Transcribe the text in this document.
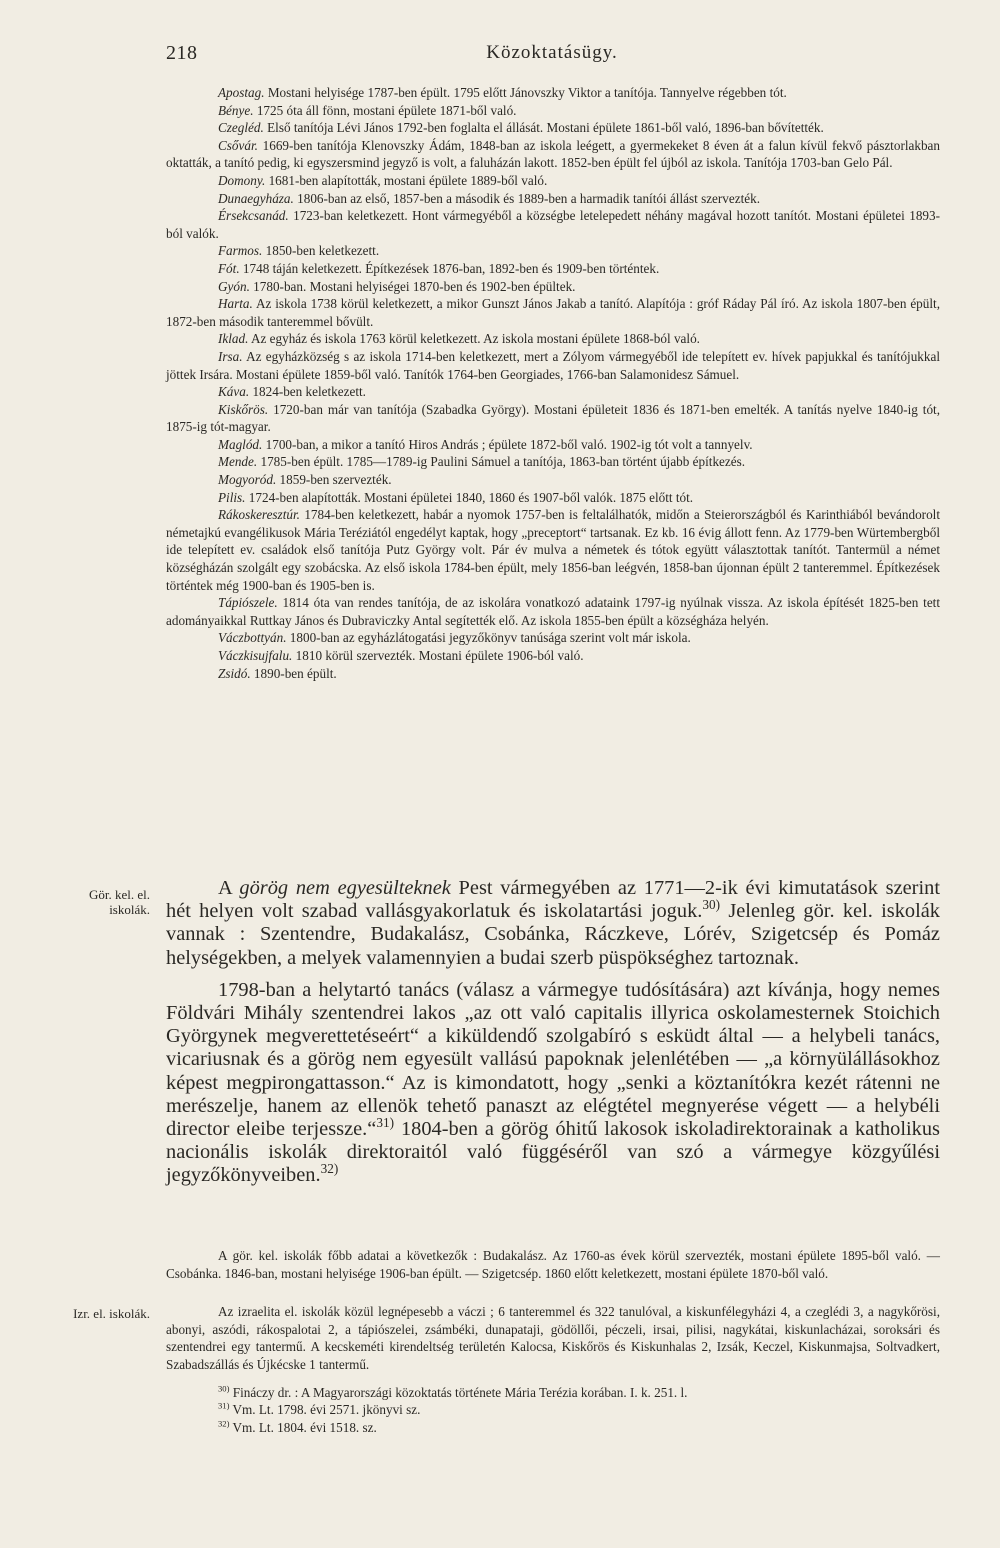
218	Közoktatásügy.

Apostag. Mostani helyisége 1787-ben épült. 1795 előtt Jánovszky Viktor a tanítója. Tannyelve régebben tót.

Bénye. 1725 óta áll fönn, mostani épülete 1871-ből való.

Czegléd. Első tanítója Lévi János 1792-ben foglalta el állását. Mostani épülete 1861-ből való, 1896-ban bővítették.

Csővár. 1669-ben tanítója Klenovszky Ádám, 1848-ban az iskola leégett, a gyermekeket 8 éven át a falun kívül fekvő pásztorlakban oktatták, a tanító pedig, ki egyszersmind jegyző is volt, a faluházán lakott. 1852-ben épült fel újból az iskola. Tanítója 1703-ban Gelo Pál.

Domony. 1681-ben alapították, mostani épülete 1889-ből való.

Dunaegyháza. 1806-ban az első, 1857-ben a második és 1889-ben a harmadik tanítói állást szervezték.

Érsekcsanád. 1723-ban keletkezett. Hont vármegyéből a községbe letelepedett néhány magával hozott tanítót. Mostani épületei 1893-ból valók.

Farmos. 1850-ben keletkezett.

Fót. 1748 táján keletkezett. Építkezések 1876-ban, 1892-ben és 1909-ben történtek.

Gyón. 1780-ban. Mostani helyiségei 1870-ben és 1902-ben épültek.

Harta. Az iskola 1738 körül keletkezett, a mikor Gunszt János Jakab a tanító. Alapítója : gróf Ráday Pál író. Az iskola 1807-ben épült, 1872-ben második tanteremmel bővült.

Iklad. Az egyház és iskola 1763 körül keletkezett. Az iskola mostani épülete 1868-ból való.

Irsa. Az egyházközség s az iskola 1714-ben keletkezett, mert a Zólyom vármegyéből ide telepített ev. hívek papjukkal és tanítójukkal jöttek Irsára. Mostani épülete 1859-ből való. Tanítók 1764-ben Georgiades, 1766-ban Salamonidesz Sámuel.

Káva. 1824-ben keletkezett.

Kiskőrös. 1720-ban már van tanítója (Szabadka György). Mostani épületeit 1836 és 1871-ben emelték. A tanítás nyelve 1840-ig tót, 1875-ig tót-magyar.

Maglód. 1700-ban, a mikor a tanító Hiros András ; épülete 1872-ből való. 1902-ig tót volt a tannyelv.

Mende. 1785-ben épült. 1785—1789-ig Paulini Sámuel a tanítója, 1863-ban történt újabb építkezés.

Mogyoród. 1859-ben szervezték.

Pilis. 1724-ben alapították. Mostani épületei 1840, 1860 és 1907-ből valók. 1875 előtt tót.

Rákoskeresztúr. 1784-ben keletkezett, habár a nyomok 1757-ben is feltalálhatók, midőn a Steierországból és Karinthiából bevándorolt németajkú evangélikusok Mária Teréziától engedélyt kaptak, hogy „preceptort“ tartsanak. Ez kb. 16 évig állott fenn. Az 1779-ben Würtembergből ide telepített ev. családok első tanítója Putz György volt. Pár év mulva a németek és tótok együtt választottak tanítót. Tantermül a német községházán szolgált egy szobácska. Az első iskola 1784-ben épült, mely 1856-ban leégvén, 1858-ban újonnan épült 2 tanteremmel. Építkezések történtek még 1900-ban és 1905-ben is.

Tápiószele. 1814 óta van rendes tanítója, de az iskolára vonatkozó adataink 1797-ig nyúlnak vissza. Az iskola építését 1825-ben tett adományaikkal Ruttkay János és Dubraviczky Antal segítették elő. Az iskola 1855-ben épült a községháza helyén.

Váczbottyán. 1800-ban az egyházlátogatási jegyzőkönyv tanúsága szerint volt már iskola.

Váczkisujfalu. 1810 körül szervezték. Mostani épülete 1906-ból való.

Zsidó. 1890-ben épült.

Gör. kel. el. iskolák.

A görög nem egyesülteknek Pest vármegyében az 1771—2-ik évi kimutatások szerint hét helyen volt szabad vallásgyakorlatuk és iskolatartási joguk.$^{30)}$ Jelenleg gör. kel. iskolák vannak : Szentendre, Budakalász, Csobánka, Ráczkeve, Lórév, Szigetcsép és Pomáz helységekben, a melyek valamennyien a budai szerb püspökséghez tartoznak.

1798-ban a helytartó tanács (válasz a vármegye tudósítására) azt kívánja, hogy nemes Földvári Mihály szentendrei lakos „az ott való capitalis illyrica oskolamesternek Stoichich Györgynek megverettetéseért“ a kiküldendő szolgabíró s esküdt által — a helybeli tanács, vicariusnak és a görög nem egyesült vallású papoknak jelenlétében — „a környülállásokhoz képest megpirongattasson.“ Az is kimondatott, hogy „senki a köztanítókra kezét rátenni ne merészelje, hanem az ellenök tehető panaszt az elégtétel megnyerése végett — a helybéli director eleibe terjessze.“$^{31)}$ 1804-ben a görög óhitű lakosok iskoladirektorainak a katholikus nacionális iskolák direktoraitól való függéséről van szó a vármegye közgyűlési jegyzőkönyveiben.$^{32)}$

A gör. kel. iskolák főbb adatai a következők : Budakalász. Az 1760-as évek körül szervezték, mostani épülete 1895-ből való. — Csobánka. 1846-ban, mostani helyisége 1906-ban épült. — Szigetcsép. 1860 előtt keletkezett, mostani épülete 1870-ből való.

Izr. el. iskolák.	Az izraelita el. iskolák közül legnépesebb a váczi ; 6 tanteremmel és 322 tanulóval, a kiskunfélegyházi 4, a czeglédi 3, a nagykőrösi, abonyi, aszódi, rákospalotai 2, a tápiószelei, zsámbéki, dunapataji, gödöllői, péczeli, irsai, pilisi, nagykátai, kiskunlacházai, soroksári és szentendrei egy tantermű. A kecskeméti kirendeltség területén Kalocsa, Kiskőrös és Kiskunhalas 2, Izsák, Keczel, Kiskunmajsa, Soltvadkert, Szabadszállás és Újkécske 1 tantermű.

$^{30)}$ Fináczy dr. : A Magyarországi közoktatás története Mária Terézia korában. I. k. 251. l.

$^{31)}$ Vm. Lt. 1798. évi 2571. jkönyvi sz.

$^{32)}$ Vm. Lt. 1804. évi 1518. sz.
